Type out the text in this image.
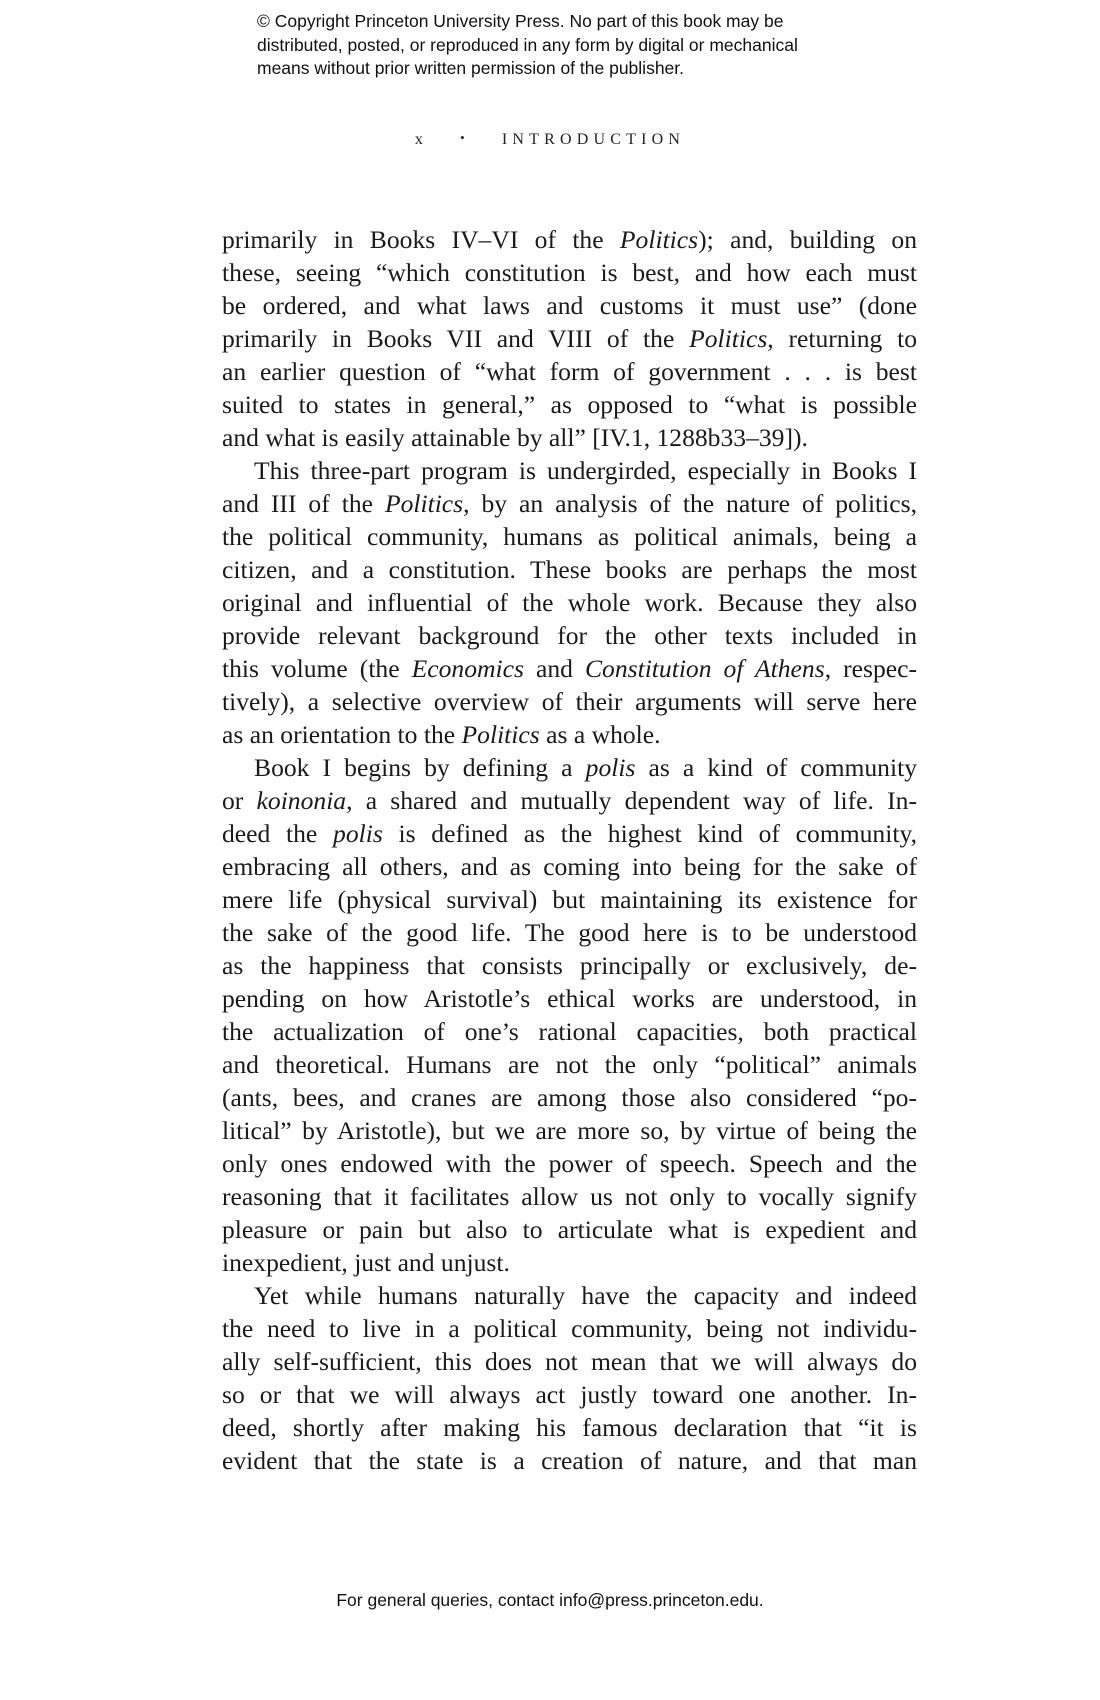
© Copyright Princeton University Press. No part of this book may be
distributed, posted, or reproduced in any form by digital or mechanical
means without prior written permission of the publisher.
x	• INTRODUCTION
primarily in Books IV–VI of the Politics); and, building on
these, seeing “which constitution is best, and how each must
be ordered, and what laws and customs it must use” (done
primarily in Books VII and VIII of the Politics, returning to
an earlier question of “what form of government . . . is best
suited to states in general,” as opposed to “what is possible
and what is easily attainable by all” [IV.1, 1288b33–39]).
This three-part program is undergirded, especially in Books I
and III of the Politics, by an analysis of the nature of politics,
the political community, humans as political animals, being a
citizen, and a constitution. These books are perhaps the most
original and influential of the whole work. Because they also
provide relevant background for the other texts included in
this volume (the Economics and Constitution of Athens, respec-
tively), a selective overview of their arguments will serve here
as an orientation to the Politics as a whole.
Book I begins by defining a polis as a kind of community
or koinonia, a shared and mutually dependent way of life. In-
deed the polis is defined as the highest kind of community,
embracing all others, and as coming into being for the sake of
mere life (physical survival) but maintaining its existence for
the sake of the good life. The good here is to be understood
as the happiness that consists principally or exclusively, de-
pending on how Aristotle’s ethical works are understood, in
the actualization of one’s rational capacities, both practical
and theoretical. Humans are not the only “political” animals
(ants, bees, and cranes are among those also considered “po-
litical” by Aristotle), but we are more so, by virtue of being the
only ones endowed with the power of speech. Speech and the
reasoning that it facilitates allow us not only to vocally signify
pleasure or pain but also to articulate what is expedient and
inexpedient, just and unjust.
Yet while humans naturally have the capacity and indeed
the need to live in a political community, being not individu-
ally self-sufficient, this does not mean that we will always do
so or that we will always act justly toward one another. In-
deed, shortly after making his famous declaration that “it is
evident that the state is a creation of nature, and that man
For general queries, contact info@press.princeton.edu.
